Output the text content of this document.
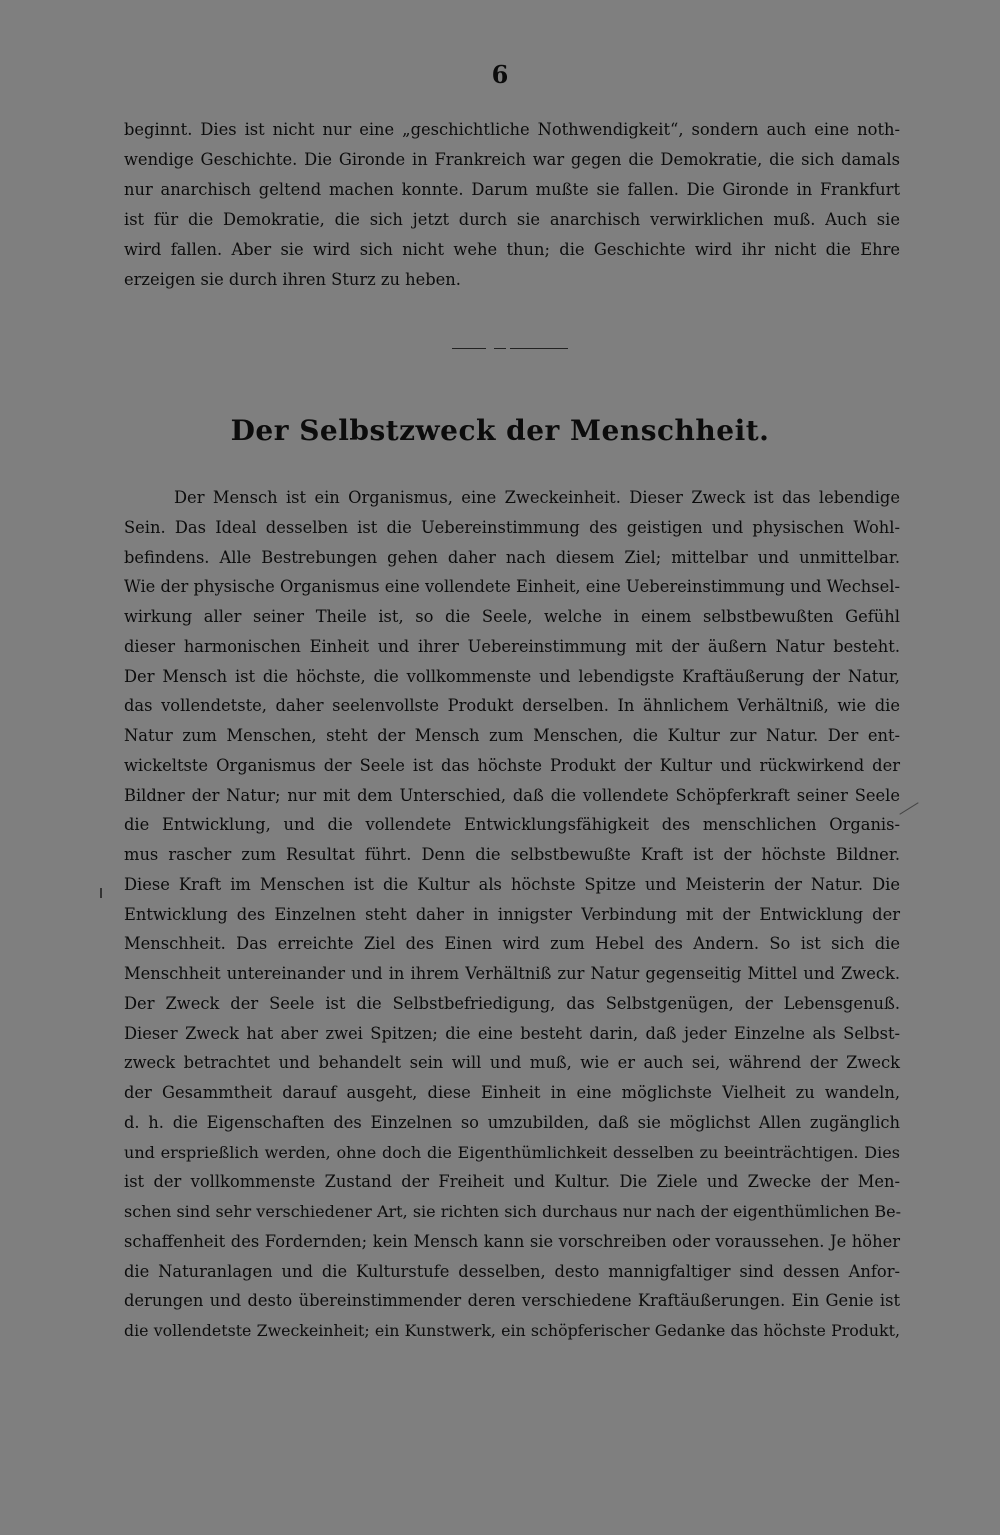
6
beginnt. Dies ist nicht nur eine „geschichtliche Nothwendigkeit“, sondern auch eine noth-
wendige Geschichte. Die Gironde in Frankreich war gegen die Demokratie, die sich damals
nur anarchisch geltend machen konnte. Darum mußte sie fallen. Die Gironde in Frankfurt
ist für die Demokratie, die sich jetzt durch sie anarchisch verwirklichen muß. Auch sie
wird fallen. Aber sie wird sich nicht wehe thun; die Geschichte wird ihr nicht die Ehre
erzeigen sie durch ihren Sturz zu heben.
Der Selbstzweck der Menschheit.
Der Mensch ist ein Organismus, eine Zweckeinheit. Dieser Zweck ist das lebendige
Sein. Das Ideal desselben ist die Uebereinstimmung des geistigen und physischen Wohl-
befindens. Alle Bestrebungen gehen daher nach diesem Ziel; mittelbar und unmittelbar.
Wie der physische Organismus eine vollendete Einheit, eine Uebereinstimmung und Wechsel-
wirkung aller seiner Theile ist, so die Seele, welche in einem selbstbewußten Gefühl
dieser harmonischen Einheit und ihrer Uebereinstimmung mit der äußern Natur besteht.
Der Mensch ist die höchste, die vollkommenste und lebendigste Kraftäußerung der Natur,
das vollendetste, daher seelenvollste Produkt derselben. In ähnlichem Verhältniß, wie die
Natur zum Menschen, steht der Mensch zum Menschen, die Kultur zur Natur. Der ent-
wickeltste Organismus der Seele ist das höchste Produkt der Kultur und rückwirkend der
Bildner der Natur; nur mit dem Unterschied, daß die vollendete Schöpferkraft seiner Seele
die Entwicklung, und die vollendete Entwicklungsfähigkeit des menschlichen Organis-
mus rascher zum Resultat führt. Denn die selbstbewußte Kraft ist der höchste Bildner.
Diese Kraft im Menschen ist die Kultur als höchste Spitze und Meisterin der Natur. Die
Entwicklung des Einzelnen steht daher in innigster Verbindung mit der Entwicklung der
Menschheit. Das erreichte Ziel des Einen wird zum Hebel des Andern. So ist sich die
Menschheit untereinander und in ihrem Verhältniß zur Natur gegenseitig Mittel und Zweck.
Der Zweck der Seele ist die Selbstbefriedigung, das Selbstgenügen, der Lebensgenuß.
Dieser Zweck hat aber zwei Spitzen; die eine besteht darin, daß jeder Einzelne als Selbst-
zweck betrachtet und behandelt sein will und muß, wie er auch sei, während der Zweck
der Gesammtheit darauf ausgeht, diese Einheit in eine möglichste Vielheit zu wandeln,
d. h. die Eigenschaften des Einzelnen so umzubilden, daß sie möglichst Allen zugänglich
und ersprießlich werden, ohne doch die Eigenthümlichkeit desselben zu beeinträchtigen. Dies
ist der vollkommenste Zustand der Freiheit und Kultur. Die Ziele und Zwecke der Men-
schen sind sehr verschiedener Art, sie richten sich durchaus nur nach der eigenthümlichen Be-
schaffenheit des Fordernden; kein Mensch kann sie vorschreiben oder voraussehen. Je höher
die Naturanlagen und die Kulturstufe desselben, desto mannigfaltiger sind dessen Anfor-
derungen und desto übereinstimmender deren verschiedene Kraftäußerungen. Ein Genie ist
die vollendetste Zweckeinheit; ein Kunstwerk, ein schöpferischer Gedanke das höchste Produkt,
